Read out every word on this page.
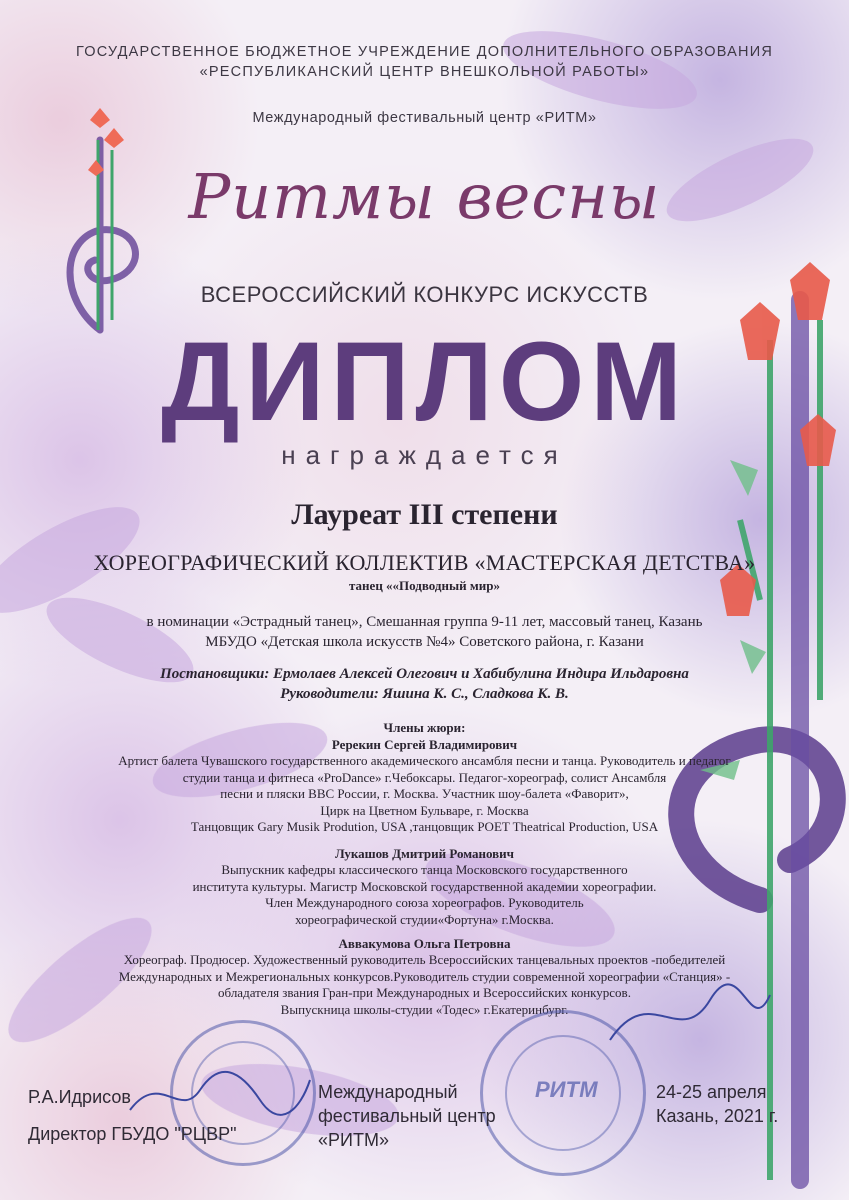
ГОСУДАРСТВЕННОЕ БЮДЖЕТНОЕ УЧРЕЖДЕНИЕ ДОПОЛНИТЕЛЬНОГО ОБРАЗОВАНИЯ
«РЕСПУБЛИКАНСКИЙ ЦЕНТР ВНЕШКОЛЬНОЙ РАБОТЫ»
Международный фестивальный центр «РИТМ»
Ритмы весны
ВСЕРОССИЙСКИЙ КОНКУРС ИСКУССТВ
ДИПЛОМ
награждается
Лауреат III степени
ХОРЕОГРАФИЧЕСКИЙ КОЛЛЕКТИВ «МАСТЕРСКАЯ ДЕТСТВА»
танец ««Подводный мир»
в номинации «Эстрадный танец», Смешанная группа 9-11 лет, массовый танец, Казань
МБУДО «Детская школа искусств №4» Советского района, г. Казани
Постановщики: Ермолаев Алексей Олегович и Хабибулина Индира Ильдаровна
Руководители: Яшина К. С., Сладкова К. В.
Члены жюри:
Ререкин Сергей Владимирович
Артист балета Чувашского государственного академического ансамбля песни и танца. Руководитель и педагог
студии танца и фитнеса «ProDance» г.Чебоксары. Педагог-хореограф, солист Ансамбля
песни и пляски ВВС России, г. Москва. Участник шоу-балета «Фаворит»,
Цирк на Цветном Бульваре, г. Москва
Танцовщик Gary Musik Prodution, USA ,танцовщик POET Theatrical Production, USA
Лукашов Дмитрий Романович
Выпускник кафедры классического танца Московского государственного
института культуры. Магистр Московской государственной академии хореографии.
Член Международного союза хореографов. Руководитель
хореографической студии«Фортуна» г.Москва.
Аввакумова Ольга Петровна
Хореограф. Продюсер. Художественный руководитель Всероссийских танцевальных проектов -победителей
Международных и Межрегиональных конкурсов.Руководитель студии современной хореографии «Станция» -
обладателя звания Гран-при Международных и Всероссийских конкурсов.
Выпускница школы-студии «Тодес» г.Екатеринбург.
РИТМ
Р.А.Идрисов
Директор ГБУДО "РЦВР"
Международный
фестивальный центр
«РИТМ»
24-25 апреля
Казань, 2021 г.
